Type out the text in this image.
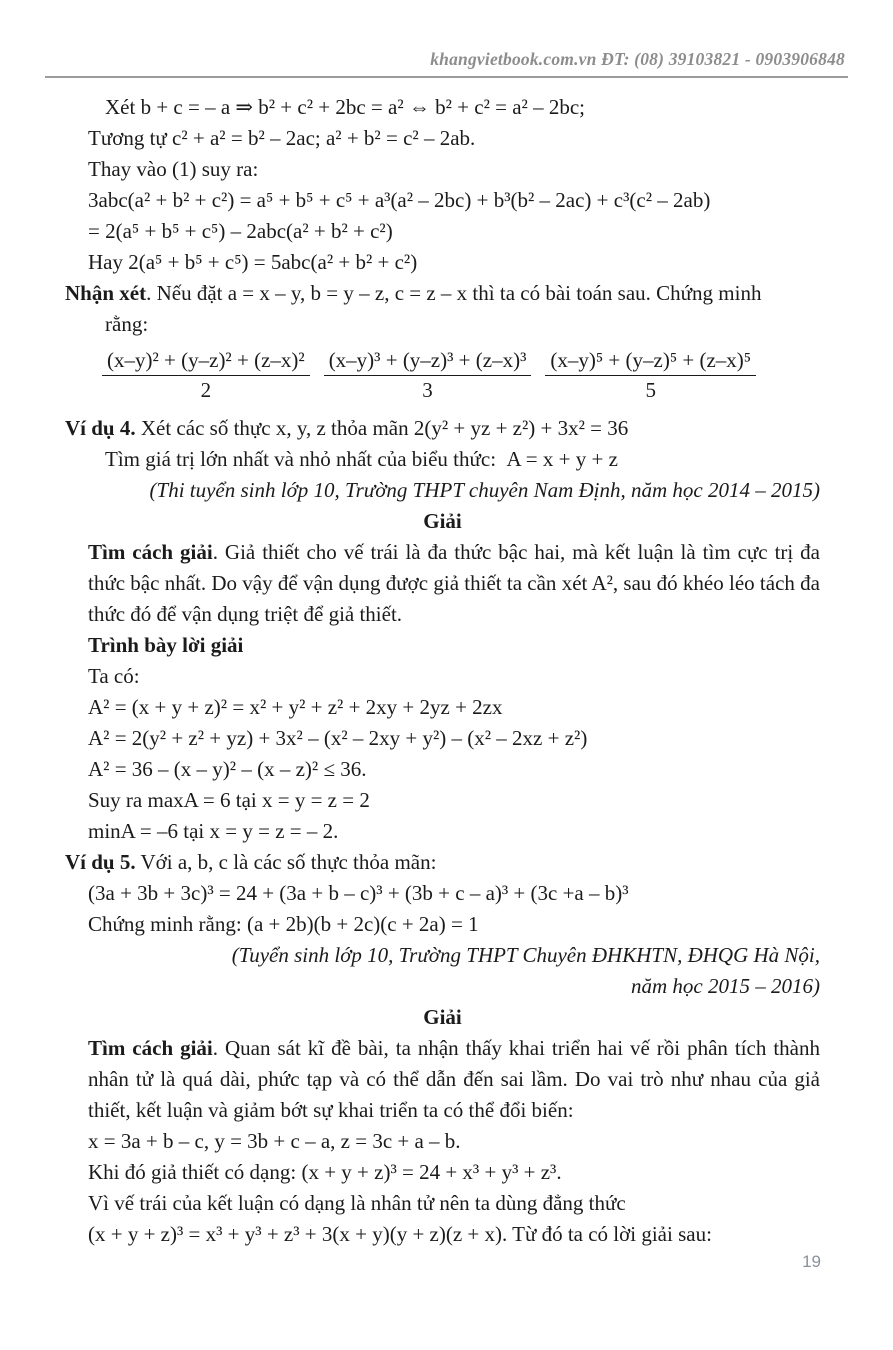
khangvietbook.com.vn ĐT: (08) 39103821 - 0903906848
Xét b + c = – a ⇒ b² + c² + 2bc = a² ⇔ b² + c² = a² – 2bc;
Tương tự c² + a² = b² – 2ac; a² + b² = c² – 2ab.
Thay vào (1) suy ra:
3abc(a² + b² + c²) = a⁵ + b⁵ + c⁵ + a³(a² – 2bc) + b³(b² – 2ac) + c³(c² – 2ab)
= 2(a⁵ + b⁵ + c⁵) – 2abc(a² + b² + c²)
Hay 2(a⁵ + b⁵ + c⁵) = 5abc(a² + b² + c²)
Nhận xét. Nếu đặt a = x – y, b = y – z, c = z – x thì ta có bài toán sau. Chứng minh
rằng:
$\frac{\text{(x–y)² + (y–z)² + (z–x)²}}{2} \frac{\text{(x–y)³ + (y–z)³ + (z–x)³}}{3} \frac{\text{(x–y)⁵ + (y–z)⁵ + (z–x)⁵}}{5}$
Ví dụ 4. Xét các số thực x, y, z thỏa mãn 2(y² + yz + z²) + 3x² = 36
Tìm giá trị lớn nhất và nhỏ nhất của biểu thức:  A = x + y + z
(Thi tuyển sinh lớp 10, Trường THPT chuyên Nam Định, năm học 2014 – 2015)
Giải
Tìm cách giải. Giả thiết cho vế trái là đa thức bậc hai, mà kết luận là tìm cực trị đa thức bậc nhất. Do vậy để vận dụng được giả thiết ta cần xét A², sau đó khéo léo tách đa thức đó để vận dụng triệt để giả thiết.
Trình bày lời giải
Ta có:
A² = (x + y + z)² = x² + y² + z² + 2xy + 2yz + 2zx
A² = 2(y² + z² + yz) + 3x² – (x² – 2xy + y²) – (x² – 2xz + z²)
A² = 36 – (x – y)² – (x – z)² ≤ 36.
Suy ra maxA = 6 tại x = y = z = 2
minA = –6 tại x = y = z = – 2.
Ví dụ 5. Với a, b, c là các số thực thỏa mãn:
(3a + 3b + 3c)³ = 24 + (3a + b – c)³ + (3b + c – a)³ + (3c +a – b)³
Chứng minh rằng: (a + 2b)(b + 2c)(c + 2a) = 1
(Tuyển sinh lớp 10, Trường THPT Chuyên ĐHKHTN, ĐHQG Hà Nội,
năm học 2015 – 2016)
Giải
Tìm cách giải. Quan sát kĩ đề bài, ta nhận thấy khai triển hai vế rồi phân tích thành nhân tử là quá dài, phức tạp và có thể dẫn đến sai lầm. Do vai trò như nhau của giả thiết, kết luận và giảm bớt sự khai triển ta có thể đổi biến:
x = 3a + b – c, y = 3b + c – a, z = 3c + a – b.
Khi đó giả thiết có dạng: (x + y + z)³ = 24 + x³ + y³ + z³.
Vì vế trái của kết luận có dạng là nhân tử nên ta dùng đẳng thức
(x + y + z)³ = x³ + y³ + z³ + 3(x + y)(y + z)(z + x). Từ đó ta có lời giải sau:
19
